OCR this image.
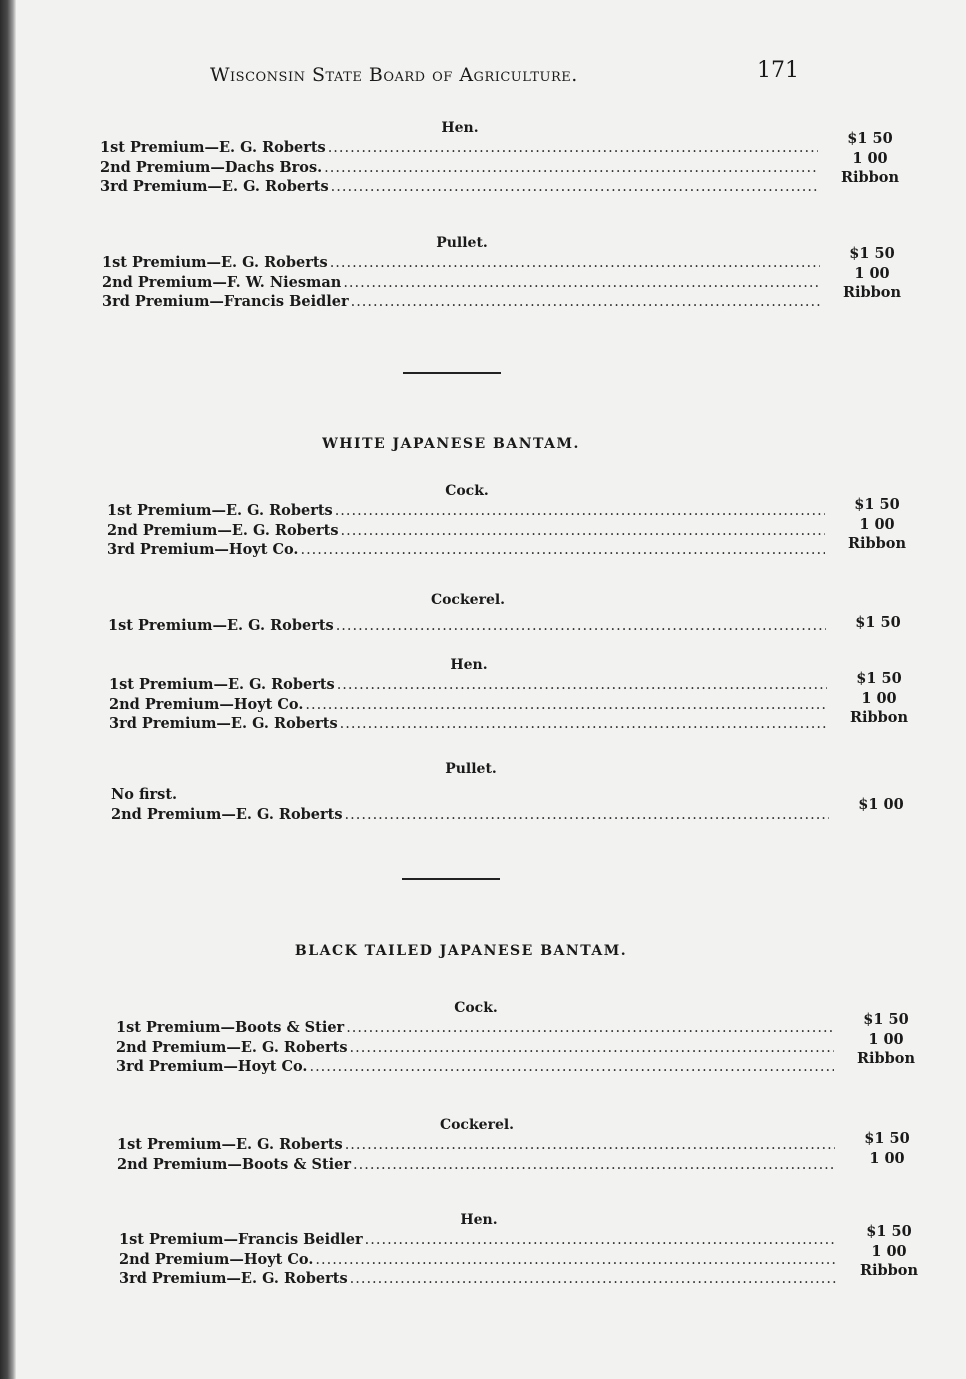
Wisconsin State Board of Agriculture.	171
Hen.
1st Premium—E. G. Roberts
.....
2nd Premium—Dachs Bros.
.....
3rd Premium—E. G. Roberts
.....
$1 50
1 00
Ribbon
Pullet.
1st Premium—E. G. Roberts
.....
2nd Premium—F. W. Niesman
.....
3rd Premium—Francis Beidler
.....
$1 50
1 00
Ribbon
WHITE JAPANESE BANTAM.
Cock.
1st Premium—E. G. Roberts
.....
2nd Premium—E. G. Roberts
.....
3rd Premium—Hoyt Co.
.....
$1 50
1 00
Ribbon
Cockerel.
1st Premium—E. G. Roberts
.....	$1 50
Hen.
1st Premium—E. G. Roberts
.....
2nd Premium—Hoyt Co.
.....
3rd Premium—E. G. Roberts
.....
$1 50
1 00
Ribbon
Pullet.
No first.
2nd Premium—E. G. Roberts
.....
$1 00
BLACK TAILED JAPANESE BANTAM.
Cock.
1st Premium—Boots & Stier
.....
2nd Premium—E. G. Roberts
.....
3rd Premium—Hoyt Co.
.....
$1 50
1 00
Ribbon
Cockerel.
1st Premium—E. G. Roberts
.....
2nd Premium—Boots & Stier
.....
$1 50
1 00
Hen.
1st Premium—Francis Beidler
.....
2nd Premium—Hoyt Co.
.....
3rd Premium—E. G. Roberts
.....
$1 50
1 00
Ribbon
